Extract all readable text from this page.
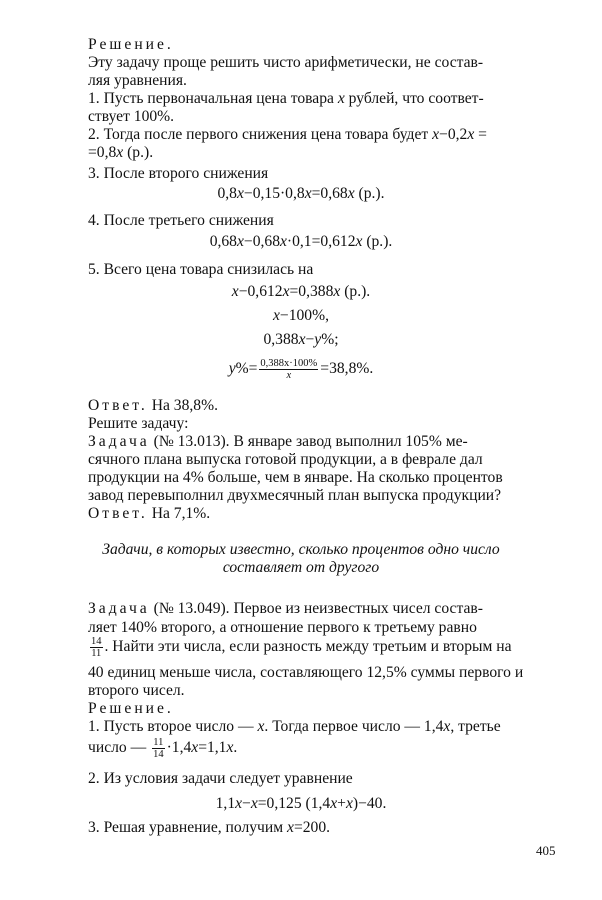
Решение.
Эту задачу проще решить чисто арифметически, не состав-
ляя уравнения.
1. Пусть первоначальная цена товара x рублей, что соответ-
ствует 100%.
2. Тогда после первого снижения цена товара будет x−0,2x =
=0,8x (р.).
3. После второго снижения
0,8x−0,15·0,8x=0,68x (р.).
4. После третьего снижения
0,68x−0,68x·0,1=0,612x (р.).
5. Всего цена товара снизилась на
x−0,612x=0,388x (р.).
x−100%,
0,388x−y%;
$y\%= \frac{0,388x\cdot 100\%}{x} =38,8\%$.
Ответ. На 38,8%.
Решите задачу:
Задача (№ 13.013). В январе завод выполнил 105% ме-
сячного плана выпуска готовой продукции, а в феврале дал
продукции на 4% больше, чем в январе. На сколько процентов
завод перевыполнил двухмесячный план выпуска продукции?
Ответ. На 7,1%.
Задачи, в которых известно, сколько процентов одно число
составляет от другого
Задача (№ 13.049). Первое из неизвестных чисел состав-
ляет 140% второго, а отношение первого к третьему равно
$\frac{14}{11}$ . Найти эти числа, если разность между третьим и вторым на
40 единиц меньше числа, составляющего 12,5% суммы первого и
второго чисел.
Решение.
1. Пусть второе число — x. Тогда первое число — 1,4x, третье
число — $\frac{11}{14} \cdot 1,4x=1,1x$.
2. Из условия задачи следует уравнение
1,1x−x=0,125 (1,4x+x)−40.
3. Решая уравнение, получим x=200.
405
